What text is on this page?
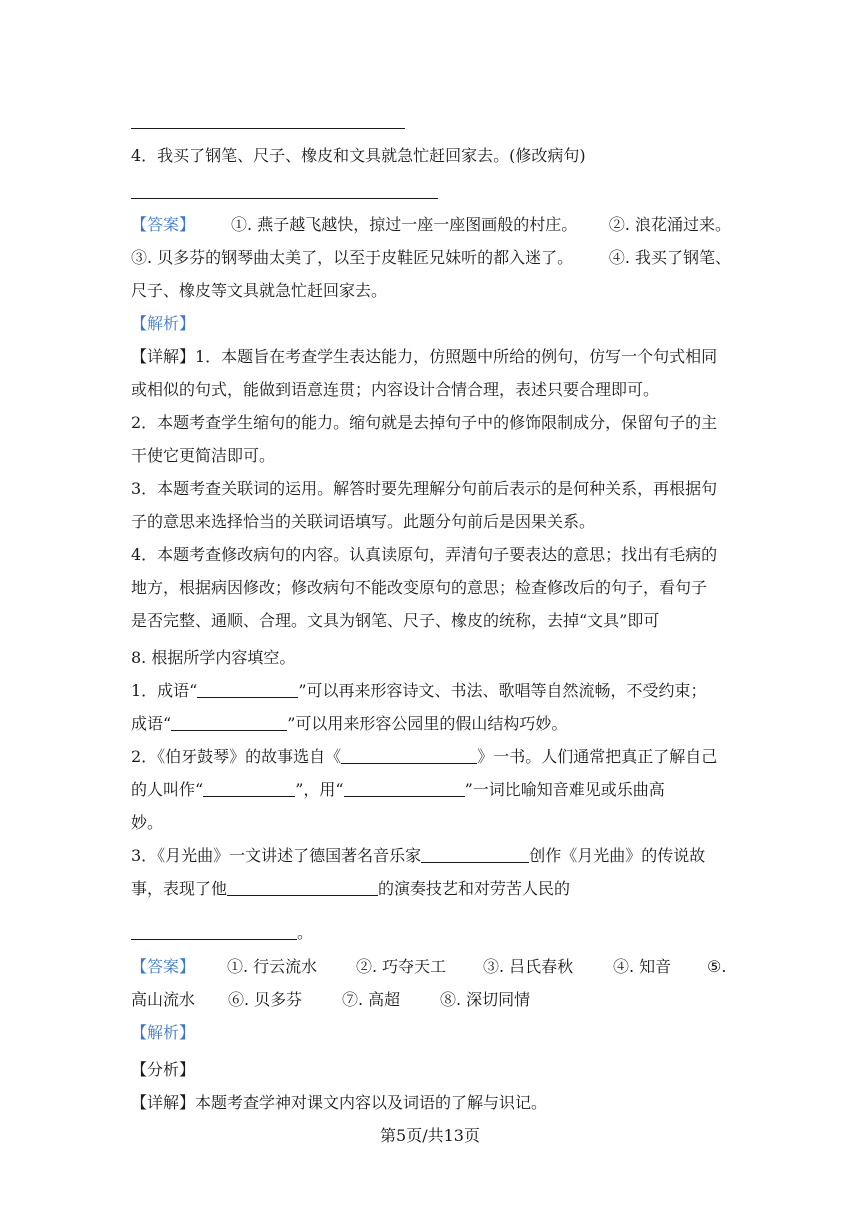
4．我买了钢笔、尺子、橡皮和文具就急忙赶回家去。(修改病句)
【答案】 ①. 燕子越飞越快，掠过一座一座图画般的村庄。 ②. 浪花涌过来。
③. 贝多芬的钢琴曲太美了，以至于皮鞋匠兄妹听的都入迷了。 ④. 我买了钢笔、
尺子、橡皮等文具就急忙赶回家去。
【解析】
【详解】1．本题旨在考查学生表达能力，仿照题中所给的例句，仿写一个句式相同
或相似的句式，能做到语意连贯；内容设计合情合理，表述只要合理即可。
2．本题考查学生缩句的能力。缩句就是去掉句子中的修饰限制成分，保留句子的主
干使它更简洁即可。
3．本题考查关联词的运用。解答时要先理解分句前后表示的是何种关系，再根据句
子的意思来选择恰当的关联词语填写。此题分句前后是因果关系。
4．本题考查修改病句的内容。认真读原句，弄清句子要表达的意思；找出有毛病的
地方，根据病因修改；修改病句不能改变原句的意思；检查修改后的句子，看句子
是否完整、通顺、合理。文具为钢笔、尺子、橡皮的统称，去掉“文具”即可
8. 根据所学内容填空。
1．成语“	”可以再来形容诗文、书法、歌唱等自然流畅，不受约束；
成语“	”可以用来形容公园里的假山结构巧妙。
2．《伯牙鼓琴》的故事选自《	》一书。人们通常把真正了解自己
的人叫作“	”，用“	”一词比喻知音难见或乐曲高
妙。
3．《月光曲》一文讲述了德国著名音乐家	创作《月光曲》的传说故
事，表现了他	的演奏技艺和对劳苦人民的
。
【答案】 ①. 行云流水 ②. 巧夺天工 ③. 吕氏春秋 ④. 知音 ⑤.
高山流水 ⑥. 贝多芬 ⑦. 高超 ⑧. 深切同情
【解析】
【分析】
【详解】本题考查学神对课文内容以及词语的了解与识记。
第5页/共13页
